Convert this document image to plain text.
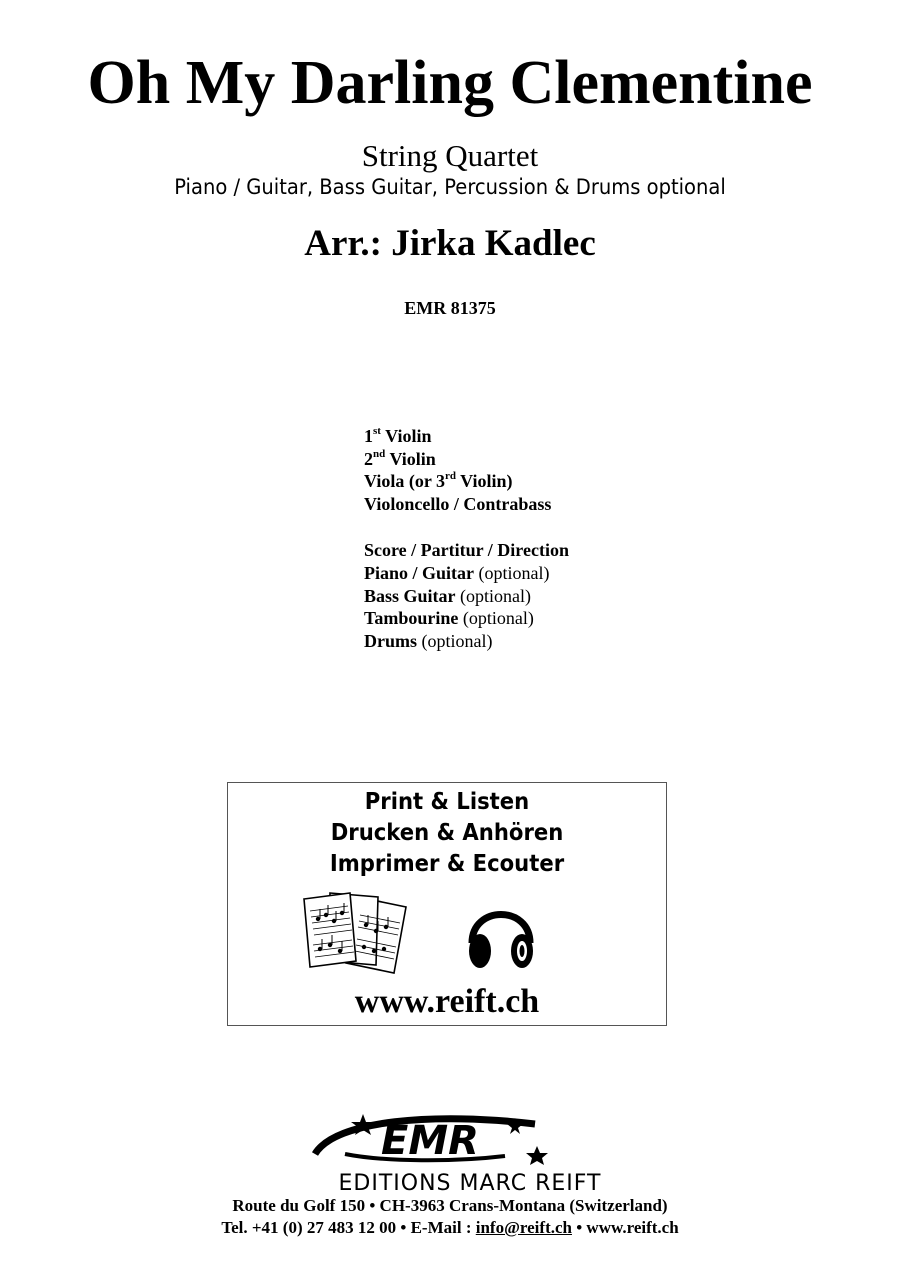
Oh My Darling Clementine
String Quartet
Piano / Guitar, Bass Guitar, Percussion & Drums optional
Arr.: Jirka Kadlec
EMR 81375
1st Violin
2nd Violin
Viola (or 3rd Violin)
Violoncello / Contrabass
Score / Partitur / Direction
Piano / Guitar (optional)
Bass Guitar (optional)
Tambourine (optional)
Drums (optional)
Print & Listen
Drucken & Anhören
Imprimer & Ecouter
www.reift.ch
EMR
EDITIONS MARC REIFT
Route du Golf 150 • CH-3963 Crans-Montana (Switzerland)
Tel. +41 (0) 27 483 12 00 • E-Mail : info@reift.ch • www.reift.ch
